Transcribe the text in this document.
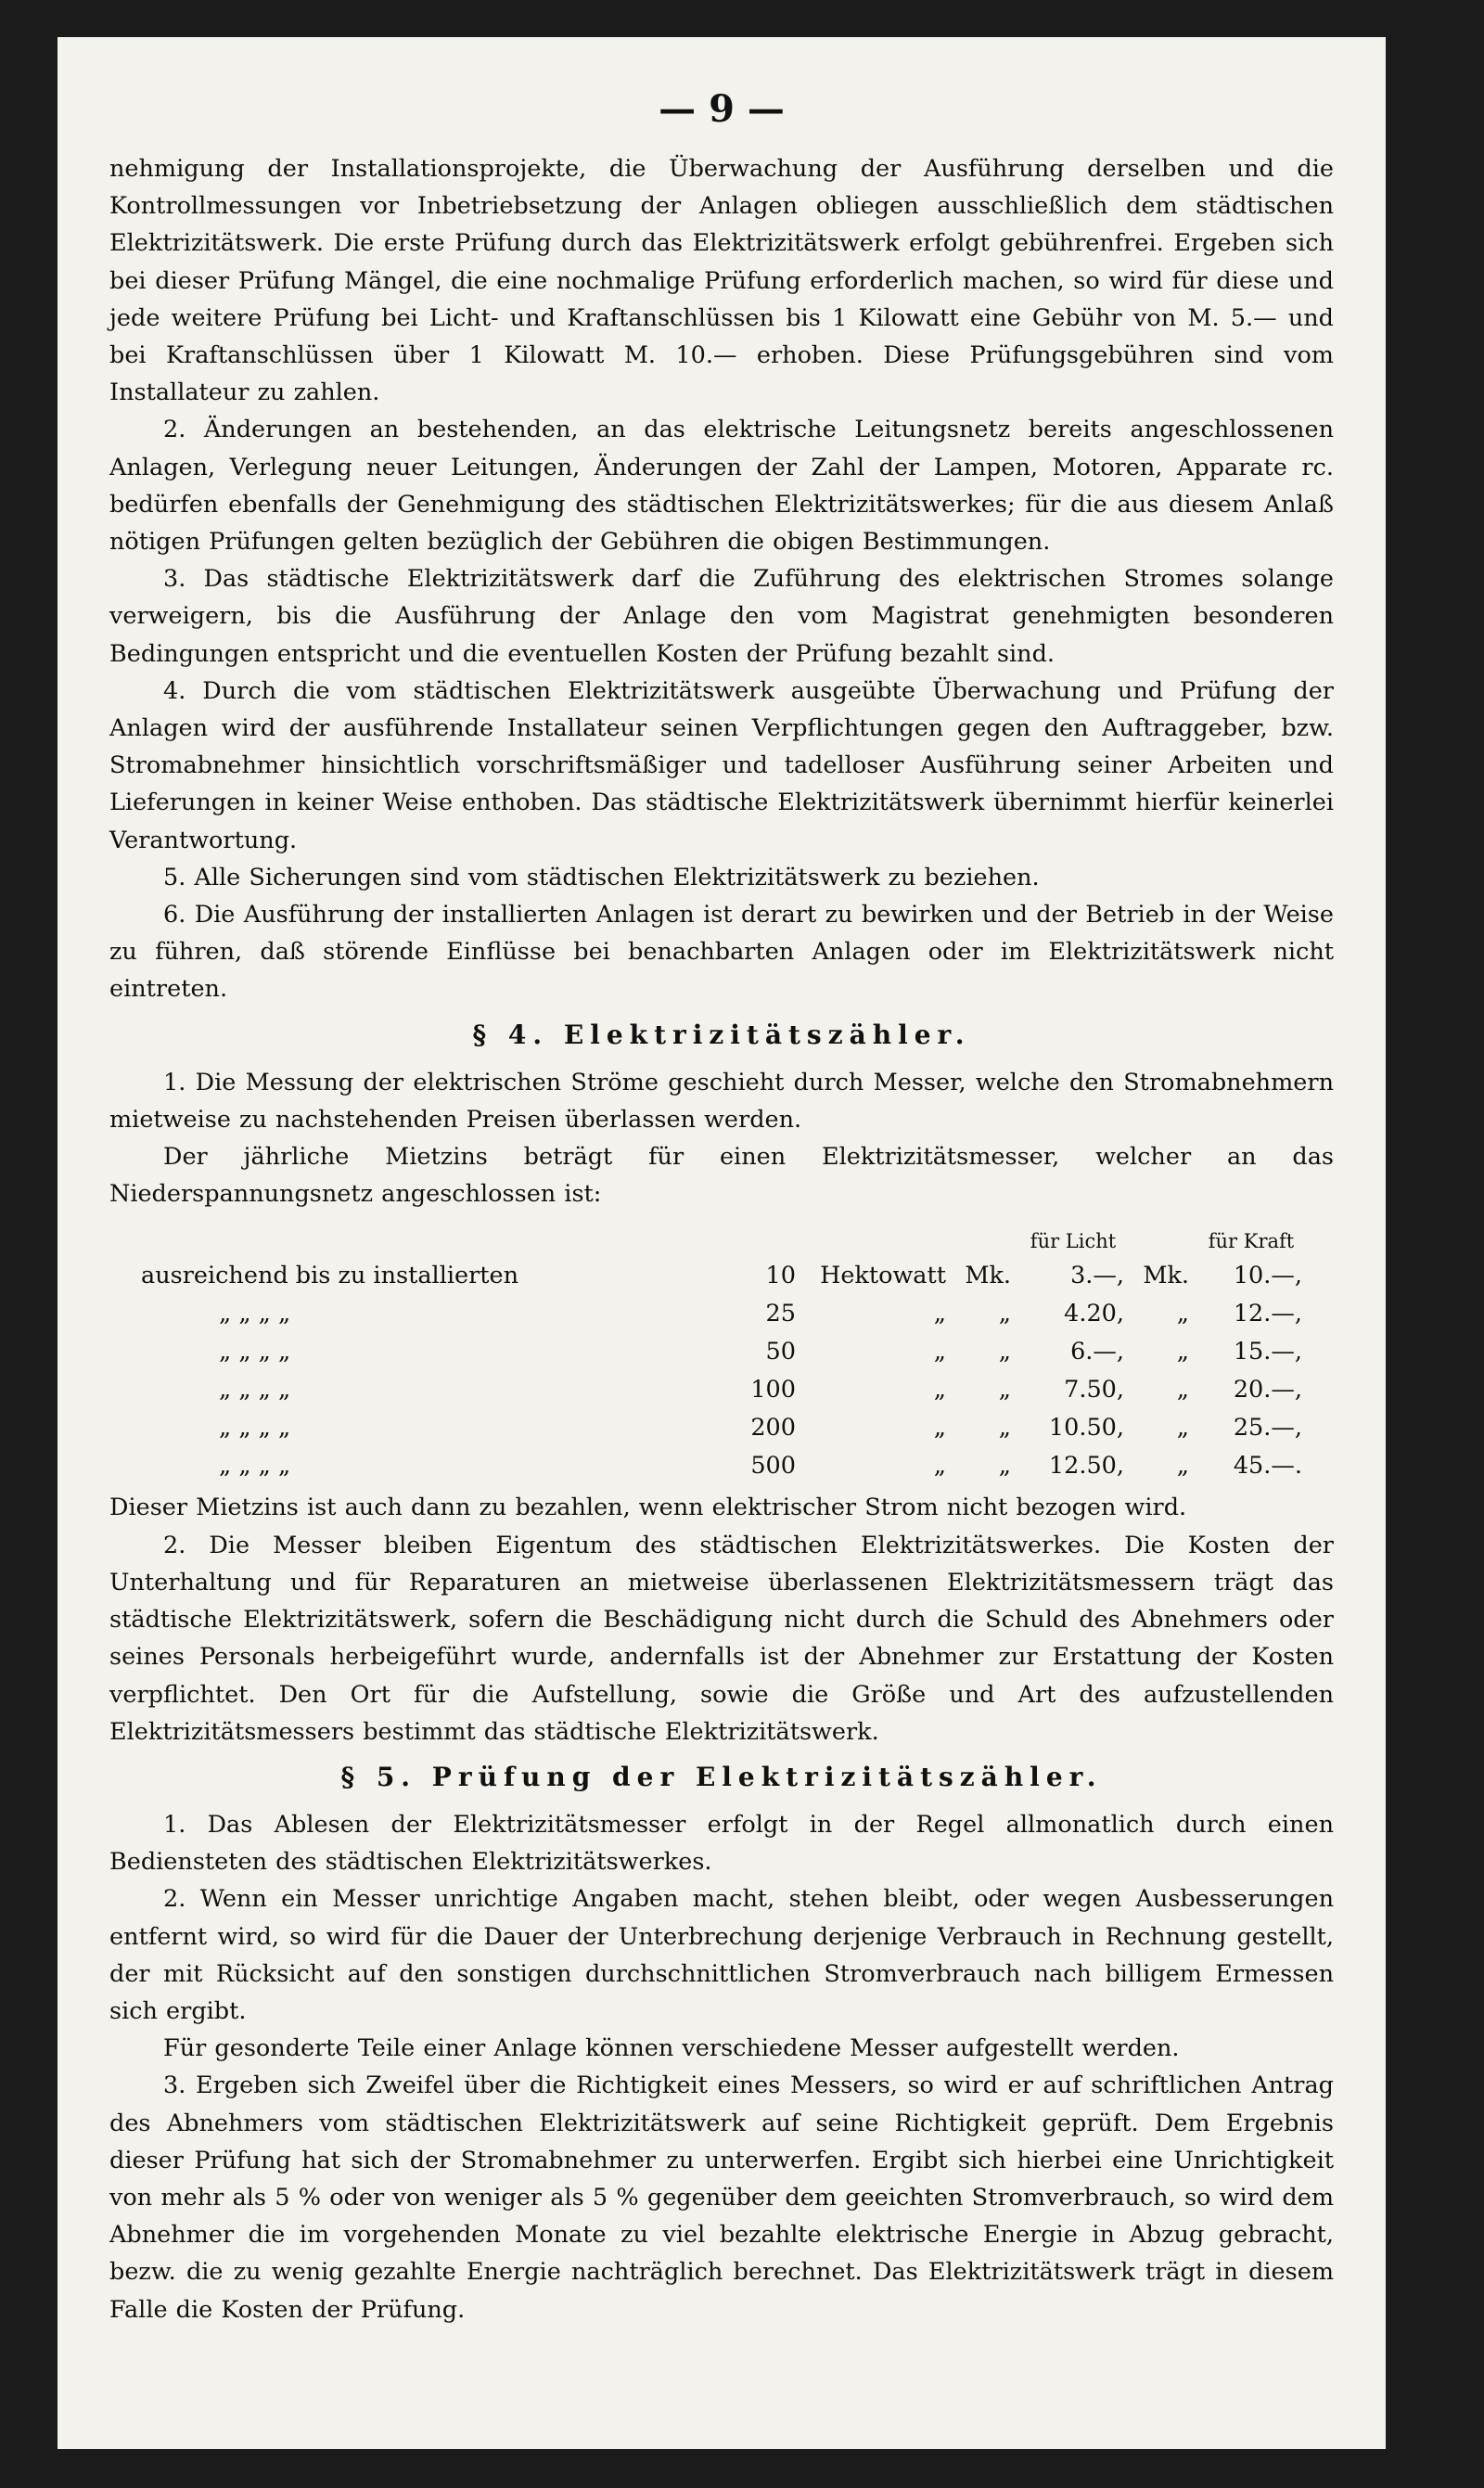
— 9 —

nehmigung der Installationsprojekte, die Überwachung der Ausführung derselben und die Kontrollmessungen vor Inbetriebsetzung der Anlagen obliegen ausschließlich dem städtischen Elektrizitätswerk. Die erste Prüfung durch das Elektrizitätswerk erfolgt gebührenfrei. Ergeben sich bei dieser Prüfung Mängel, die eine nochmalige Prüfung erforderlich machen, so wird für diese und jede weitere Prüfung bei Licht- und Kraftanschlüssen bis 1 Kilowatt eine Gebühr von M. 5.— und bei Kraftanschlüssen über 1 Kilowatt M. 10.— erhoben. Diese Prüfungsgebühren sind vom Installateur zu zahlen.

2. Änderungen an bestehenden, an das elektrische Leitungsnetz bereits angeschlossenen Anlagen, Verlegung neuer Leitungen, Änderungen der Zahl der Lampen, Motoren, Apparate rc. bedürfen ebenfalls der Genehmigung des städtischen Elektrizitätswerkes; für die aus diesem Anlaß nötigen Prüfungen gelten bezüglich der Gebühren die obigen Bestimmungen.

3. Das städtische Elektrizitätswerk darf die Zuführung des elektrischen Stromes solange verweigern, bis die Ausführung der Anlage den vom Magistrat genehmigten besonderen Bedingungen entspricht und die eventuellen Kosten der Prüfung bezahlt sind.

4. Durch die vom städtischen Elektrizitätswerk ausgeübte Überwachung und Prüfung der Anlagen wird der ausführende Installateur seinen Verpflichtungen gegen den Auftraggeber, bzw. Stromabnehmer hinsichtlich vorschriftsmäßiger und tadelloser Ausführung seiner Arbeiten und Lieferungen in keiner Weise enthoben. Das städtische Elektrizitätswerk übernimmt hierfür keinerlei Verantwortung.

5. Alle Sicherungen sind vom städtischen Elektrizitätswerk zu beziehen.

6. Die Ausführung der installierten Anlagen ist derart zu bewirken und der Betrieb in der Weise zu führen, daß störende Einflüsse bei benachbarten Anlagen oder im Elektrizitätswerk nicht eintreten.

§ 4. Elektrizitätszähler.

1. Die Messung der elektrischen Ströme geschieht durch Messer, welche den Stromabnehmern mietweise zu nachstehenden Preisen überlassen werden.

Der jährliche Mietzins beträgt für einen Elektrizitätsmesser, welcher an das Niederspannungsnetz angeschlossen ist:

				für Licht		für Kraft
ausreichend bis zu installierten	10	Hektowatt	Mk.	3.—,	Mk.	10.—,
„ „ „ „	25	„	„	4.20,	„	12.—,
„ „ „ „	50	„	„	6.—,	„	15.—,
„ „ „ „	100	„	„	7.50,	„	20.—,
„ „ „ „	200	„	„	10.50,	„	25.—,
„ „ „ „	500	„	„	12.50,	„	45.—.

Dieser Mietzins ist auch dann zu bezahlen, wenn elektrischer Strom nicht bezogen wird.

2. Die Messer bleiben Eigentum des städtischen Elektrizitätswerkes. Die Kosten der Unterhaltung und für Reparaturen an mietweise überlassenen Elektrizitätsmessern trägt das städtische Elektrizitätswerk, sofern die Beschädigung nicht durch die Schuld des Abnehmers oder seines Personals herbeigeführt wurde, andernfalls ist der Abnehmer zur Erstattung der Kosten verpflichtet. Den Ort für die Aufstellung, sowie die Größe und Art des aufzustellenden Elektrizitätsmessers bestimmt das städtische Elektrizitätswerk.

§ 5. Prüfung der Elektrizitätszähler.

1. Das Ablesen der Elektrizitätsmesser erfolgt in der Regel allmonatlich durch einen Bediensteten des städtischen Elektrizitätswerkes.

2. Wenn ein Messer unrichtige Angaben macht, stehen bleibt, oder wegen Ausbesserungen entfernt wird, so wird für die Dauer der Unterbrechung derjenige Verbrauch in Rechnung gestellt, der mit Rücksicht auf den sonstigen durchschnittlichen Stromverbrauch nach billigem Ermessen sich ergibt.

Für gesonderte Teile einer Anlage können verschiedene Messer aufgestellt werden.

3. Ergeben sich Zweifel über die Richtigkeit eines Messers, so wird er auf schriftlichen Antrag des Abnehmers vom städtischen Elektrizitätswerk auf seine Richtigkeit geprüft. Dem Ergebnis dieser Prüfung hat sich der Stromabnehmer zu unterwerfen. Ergibt sich hierbei eine Unrichtigkeit von mehr als 5 % oder von weniger als 5 % gegenüber dem geeichten Stromverbrauch, so wird dem Abnehmer die im vorgehenden Monate zu viel bezahlte elektrische Energie in Abzug gebracht, bezw. die zu wenig gezahlte Energie nachträglich berechnet. Das Elektrizitätswerk trägt in diesem Falle die Kosten der Prüfung.
